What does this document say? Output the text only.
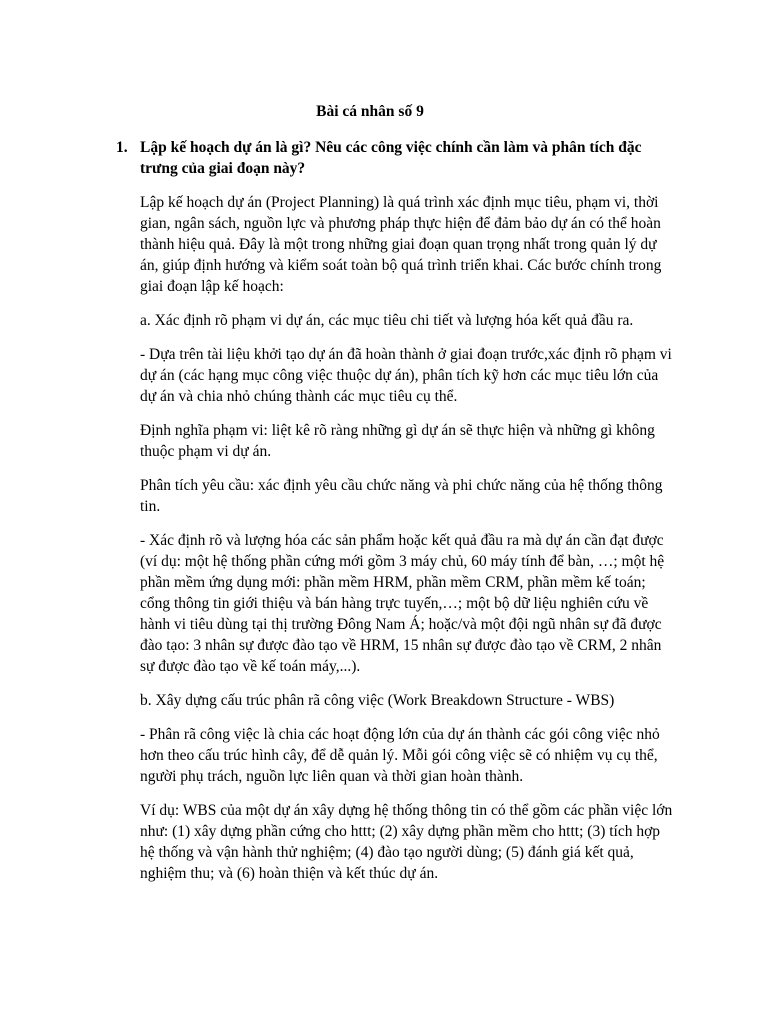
Bài cá nhân số 9
1. Lập kế hoạch dự án là gì? Nêu các công việc chính cần làm và phân tích đặc trưng của giai đoạn này?

Lập kế hoạch dự án (Project Planning) là quá trình xác định mục tiêu, phạm vi, thời gian, ngân sách, nguồn lực và phương pháp thực hiện để đảm bảo dự án có thể hoàn thành hiệu quả. Đây là một trong những giai đoạn quan trọng nhất trong quản lý dự án, giúp định hướng và kiểm soát toàn bộ quá trình triển khai. Các bước chính trong giai đoạn lập kế hoạch:

a. Xác định rõ phạm vi dự án, các mục tiêu chi tiết và lượng hóa kết quả đầu ra.

- Dựa trên tài liệu khởi tạo dự án đã hoàn thành ở giai đoạn trước,xác định rõ phạm vi dự án (các hạng mục công việc thuộc dự án), phân tích kỹ hơn các mục tiêu lớn của dự án và chia nhỏ chúng thành các mục tiêu cụ thể.

Định nghĩa phạm vi: liệt kê rõ ràng những gì dự án sẽ thực hiện và những gì không thuộc phạm vi dự án.

Phân tích yêu cầu: xác định yêu cầu chức năng và phi chức năng của hệ thống thông tin.

- Xác định rõ và lượng hóa các sản phẩm hoặc kết quả đầu ra mà dự án cần đạt được (ví dụ: một hệ thống phần cứng mới gồm 3 máy chủ, 60 máy tính để bàn, …; một hệ phần mềm ứng dụng mới: phần mềm HRM, phần mềm CRM, phần mềm kế toán; cổng thông tin giới thiệu và bán hàng trực tuyến,…; một bộ dữ liệu nghiên cứu về hành vi tiêu dùng tại thị trường Đông Nam Á; hoặc/và một đội ngũ nhân sự đã được đào tạo: 3 nhân sự được đào tạo về HRM, 15 nhân sự được đào tạo về CRM, 2 nhân sự được đào tạo về kế toán máy,...).

b. Xây dựng cấu trúc phân rã công việc (Work Breakdown Structure - WBS)

- Phân rã công việc là chia các hoạt động lớn của dự án thành các gói công việc nhỏ hơn theo cấu trúc hình cây, để dễ quản lý. Mỗi gói công việc sẽ có nhiệm vụ cụ thể, người phụ trách, nguồn lực liên quan và thời gian hoàn thành.

Ví dụ: WBS của một dự án xây dựng hệ thống thông tin có thể gồm các phần việc lớn như: (1) xây dựng phần cứng cho httt; (2) xây dựng phần mềm cho httt; (3) tích hợp hệ thống và vận hành thử nghiệm; (4) đào tạo người dùng; (5) đánh giá kết quả, nghiệm thu; và (6) hoàn thiện và kết thúc dự án.
